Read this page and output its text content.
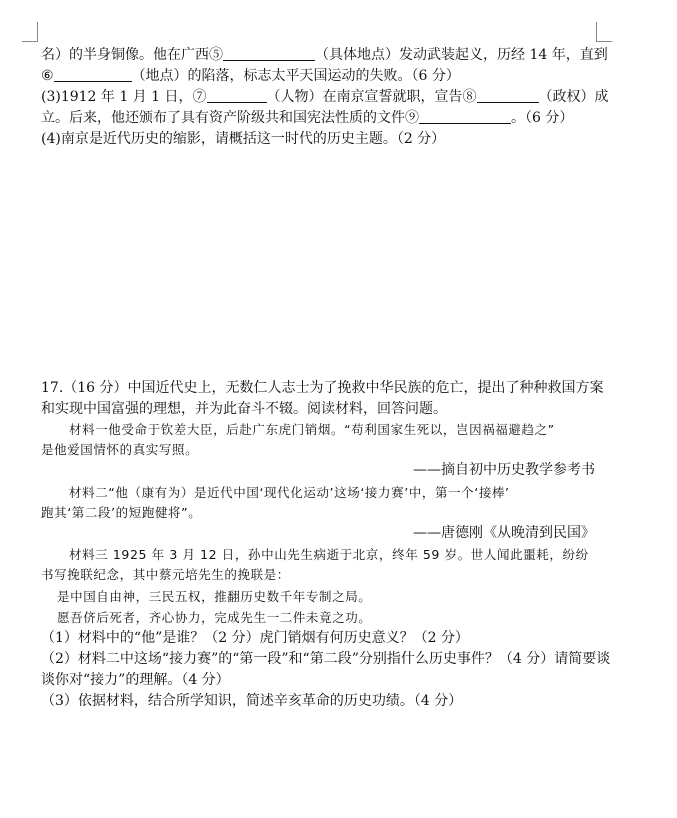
名）的半身铜像。他在广西⑤	（具体地点）发动武装起义，历经 14 年，直到
⑥	（地点）的陷落，标志太平天国运动的失败。（6 分）
(3)1912 年 1 月 1 日，⑦	（人物）在南京宣誓就职，宣告⑧	（政权）成
立。后来，他还颁布了具有资产阶级共和国宪法性质的文件⑨	。（6 分）
(4)南京是近代历史的缩影，请概括这一时代的历史主题。（2 分）
17.（16 分）中国近代史上，无数仁人志士为了挽救中华民族的危亡，提出了种种救国方案
和实现中国富强的理想，并为此奋斗不辍。阅读材料，回答问题。
材料一他受命于钦差大臣，后赴广东虎门销烟。“苟利国家生死以，岂因祸福避趋之”
是他爱国情怀的真实写照。
——摘自初中历史教学参考书
材料二“他（康有为）是近代中国‘现代化运动’这场‘接力赛’中，第一个‘接棒’
跑其‘第二段’的短跑健将”。
——唐德刚《从晚清到民国》
材料三 1925 年 3 月 12 日，孙中山先生病逝于北京，终年 59 岁。世人闻此噩耗，纷纷
书写挽联纪念，其中蔡元培先生的挽联是：
是中国自由神，三民五权，推翻历史数千年专制之局。
愿吾侪后死者，齐心协力，完成先生一二件未竟之功。
（1）材料中的“他”是谁？（2 分）虎门销烟有何历史意义？（2 分）
（2）材料二中这场“接力赛”的“第一段”和“第二段”分别指什么历史事件？（4 分）请简要谈
谈你对“接力”的理解。（4 分）
（3）依据材料，结合所学知识，简述辛亥革命的历史功绩。（4 分）
